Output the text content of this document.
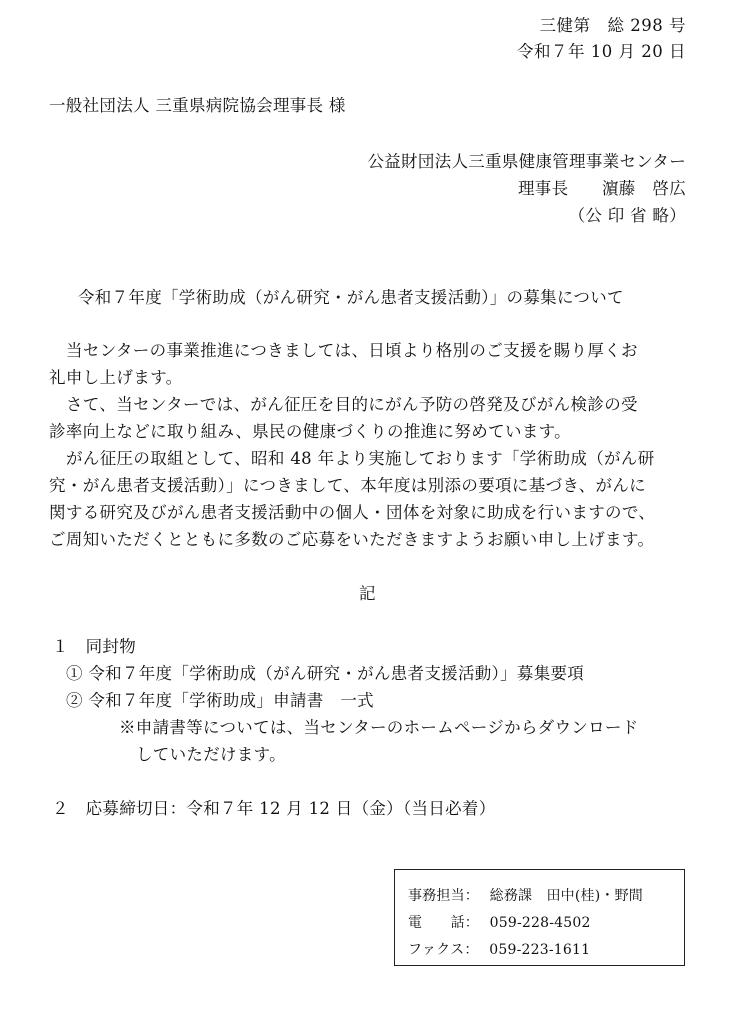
三健第　総 298 号
令和７年 10 月 20 日
一般社団法人 三重県病院協会理事長 様
公益財団法人三重県健康管理事業センター
理事長　　濵藤　啓広
（公 印 省 略）
令和７年度「学術助成（がん研究・がん患者支援活動）」の募集について
当センターの事業推進につきましては、日頃より格別のご支援を賜り厚くお
礼申し上げます。
さて、当センターでは、がん征圧を目的にがん予防の啓発及びがん検診の受
診率向上などに取り組み、県民の健康づくりの推進に努めています。
がん征圧の取組として、昭和 48 年より実施しております「学術助成（がん研
究・がん患者支援活動）」につきまして、本年度は別添の要項に基づき、がんに
関する研究及びがん患者支援活動中の個人・団体を対象に助成を行いますので、
ご周知いただくとともに多数のご応募をいただきますようお願い申し上げます。
記
１　同封物
① 令和７年度「学術助成（がん研究・がん患者支援活動）」募集要項
② 令和７年度「学術助成」申請書　一式
※申請書等については、当センターのホームページからダウンロード
していただけます。
２　応募締切日：令和７年 12 月 12 日（金）（当日必着）
事務担当： 総務課　田中(桂)・野間
電　　話： 059-228-4502
ファクス： 059-223-1611
